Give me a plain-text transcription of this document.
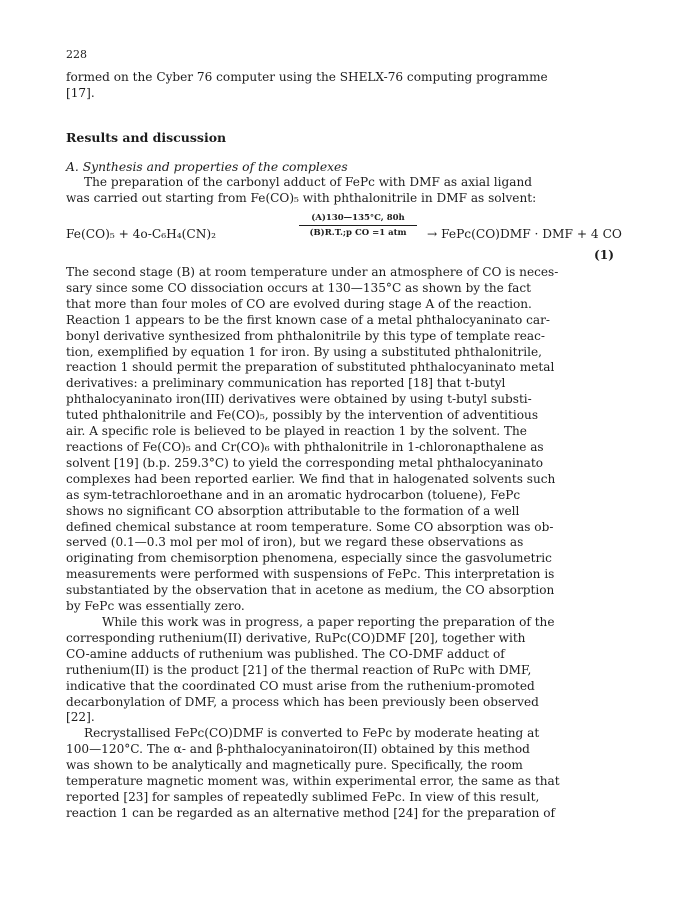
228

formed on the Cyber 76 computer using the SHELX-76 computing programme
[17].

Results and discussion
A. Synthesis and properties of the complexes

The preparation of the carbonyl adduct of FePc with DMF as axial ligand

was carried out starting from Fe(CO)₅ with phthalonitrile in DMF as solvent:

Fe(CO)₅ + 4o-C₆H₄(CN)₂
(A)130—135°C, 80h
(B)R.T.;p CO =1 atm	→ FePc(CO)DMF · DMF + 4 CO
(1)

The second stage (B) at room temperature under an atmosphere of CO is neces-
sary since some CO dissociation occurs at 130—135°C as shown by the fact
that more than four moles of CO are evolved during stage A of the reaction.
Reaction 1 appears to be the first known case of a metal phthalocyaninato car-
bonyl derivative synthesized from phthalonitrile by this type of template reac-
tion, exemplified by equation 1 for iron. By using a substituted phthalonitrile,
reaction 1 should permit the preparation of substituted phthalocyaninato metal
derivatives: a preliminary communication has reported [18] that t-butyl
phthalocyaninato iron(III) derivatives were obtained by using t-butyl substi-
tuted phthalonitrile and Fe(CO)₅, possibly by the intervention of adventitious
air. A specific role is believed to be played in reaction 1 by the solvent. The
reactions of Fe(CO)₅ and Cr(CO)₆ with phthalonitrile in 1-chloronapthalene as
solvent [19] (b.p. 259.3°C) to yield the corresponding metal phthalocyaninato
complexes had been reported earlier. We find that in halogenated solvents such
as sym-tetrachloroethane and in an aromatic hydrocarbon (toluene), FePc
shows no significant CO absorption attributable to the formation of a well
defined chemical substance at room temperature. Some CO absorption was ob-
served (0.1—0.3 mol per mol of iron), but we regard these observations as
originating from chemisorption phenomena, especially since the gasvolumetric
measurements were performed with suspensions of FePc. This interpretation is
substantiated by the observation that in acetone as medium, the CO absorption
by FePc was essentially zero.

While this work was in progress, a paper reporting the preparation of the
corresponding ruthenium(II) derivative, RuPc(CO)DMF [20], together with
CO-amine adducts of ruthenium was published. The CO-DMF adduct of
ruthenium(II) is the product [21] of the thermal reaction of RuPc with DMF,
indicative that the coordinated CO must arise from the ruthenium-promoted
decarbonylation of DMF, a process which has been previously been observed
[22].

Recrystallised FePc(CO)DMF is converted to FePc by moderate heating at
100—120°C. The α- and β-phthalocyaninatoiron(II) obtained by this method
was shown to be analytically and magnetically pure. Specifically, the room
temperature magnetic moment was, within experimental error, the same as that
reported [23] for samples of repeatedly sublimed FePc. In view of this result,
reaction 1 can be regarded as an alternative method [24] for the preparation of
